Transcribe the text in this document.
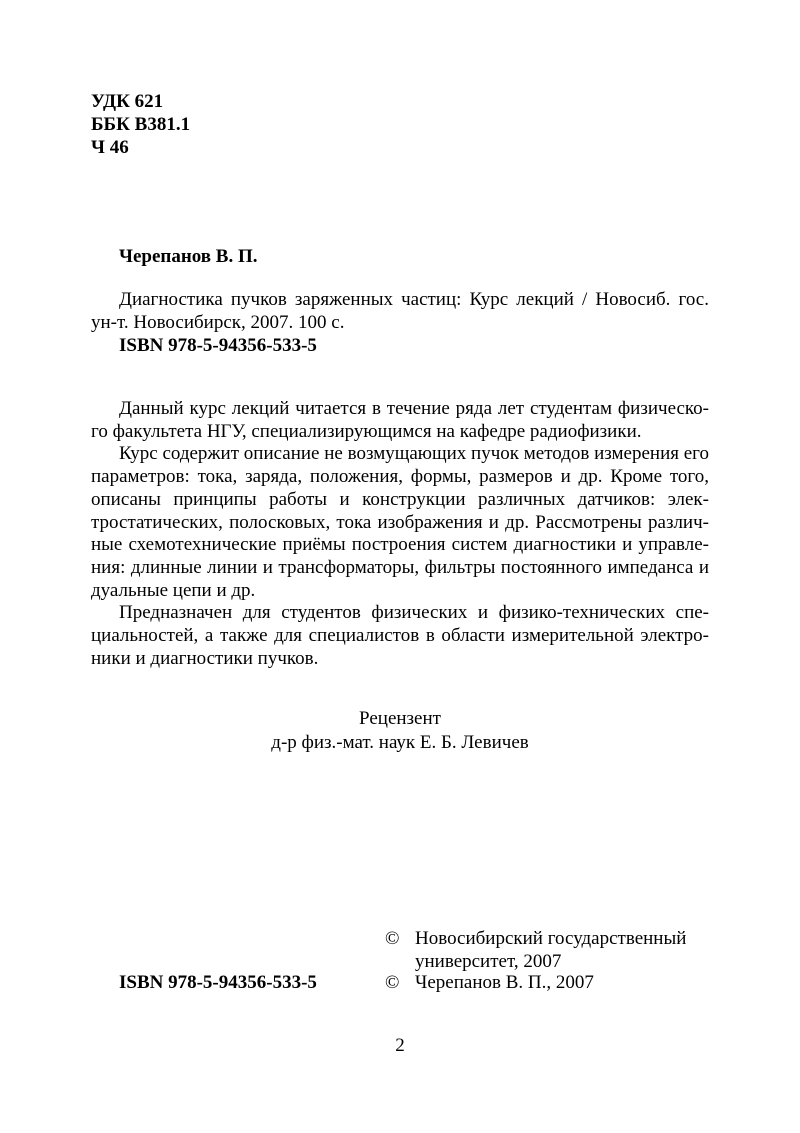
УДК 621
ББК В381.1
Ч 46
Черепанов В. П.
Диагностика пучков заряженных частиц: Курс лекций / Новосиб. гос.
ун-т. Новосибирск, 2007. 100 с.
ISBN 978-5-94356-533-5

Данный курс лекций читается в течение ряда лет студентам физического факультета НГУ, специализирующимся на кафедре радиофизики.

Курс содержит описание не возмущающих пучок методов измерения его параметров: тока, заряда, положения, формы, размеров и др. Кроме того, описаны принципы работы и конструкции различных датчиков: электростатических, полосковых, тока изображения и др. Рассмотрены различные схемотехнические приёмы построения систем диагностики и управления: длинные линии и трансформаторы, фильтры постоянного импеданса и дуальные цепи и др.

Предназначен для студентов физических и физико-технических специальностей, а также для специалистов в области измерительной электроники и диагностики пучков.

Рецензент
д-р физ.-мат. наук Е. Б. Левичев
ISBN 978-5-94356-533-5
© Новосибирский государственный
университет, 2007
© Черепанов В. П., 2007
2
